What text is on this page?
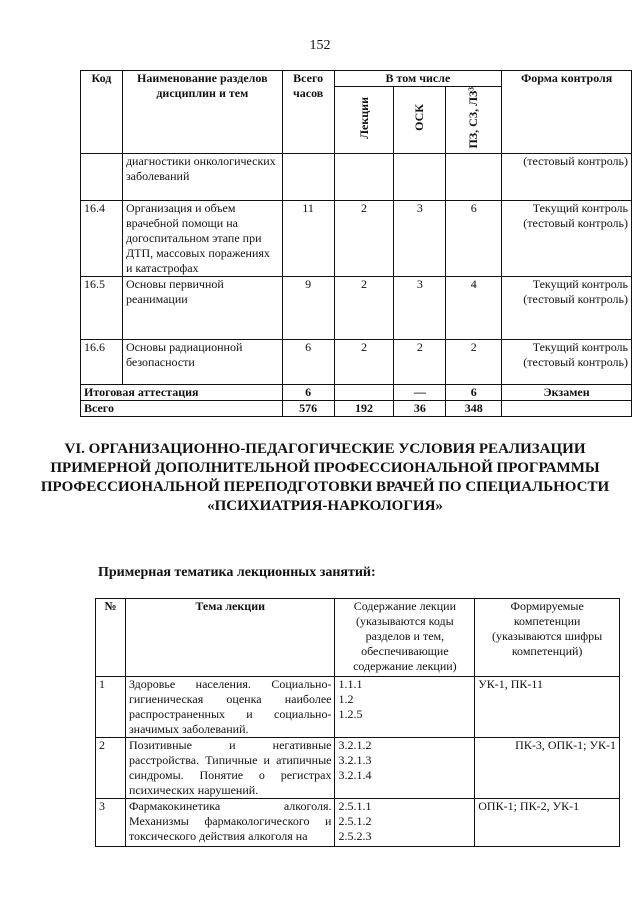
152
Код	Наименование разделов дисциплин и тем	Всего часов	В том числе			Форма контроля
			Лекции	ОСК	ПЗ, СЗ, ЛЗ³	
	диагностики онкологических заболеваний					(тестовый контроль)
16.4	Организация и объем врачебной помощи на догоспитальном этапе при ДТП, массовых поражениях и катастрофах	11	2	3	6	Текущий контроль (тестовый контроль)
16.5	Основы первичной реанимации	9	2	3	4	Текущий контроль (тестовый контроль)
16.6	Основы радиационной безопасности	6	2	2	2	Текущий контроль (тестовый контроль)
Итоговая аттестация		6		—	6	Экзамен
Всего		576	192	36	348	
VI. ОРГАНИЗАЦИОННО-ПЕДАГОГИЧЕСКИЕ УСЛОВИЯ РЕАЛИЗАЦИИ ПРИМЕРНОЙ ДОПОЛНИТЕЛЬНОЙ ПРОФЕССИОНАЛЬНОЙ ПРОГРАММЫ ПРОФЕССИОНАЛЬНОЙ ПЕРЕПОДГОТОВКИ ВРАЧЕЙ ПО СПЕЦИАЛЬНОСТИ «ПСИХИАТРИЯ-НАРКОЛОГИЯ»
Примерная тематика лекционных занятий:
№	Тема лекции	Содержание лекции (указываются коды разделов и тем, обеспечивающие содержание лекции)	Формируемые компетенции (указываются шифры компетенций)
1	Здоровье населения. Социально-гигиеническая оценка наиболее распространенных и социально-значимых заболеваний.	1.1.1
1.2
1.2.5	УК-1, ПК-11
2	Позитивные и негативные расстройства. Типичные и атипичные синдромы. Понятие о регистрах психических нарушений.	3.2.1.2
3.2.1.3
3.2.1.4	ПК-3, ОПК-1; УК-1
3	Фармакокинетика алкоголя. Механизмы фармакологического и токсического действия алкоголя на	2.5.1.1
2.5.1.2
2.5.2.3	ОПК-1; ПК-2, УК-1
